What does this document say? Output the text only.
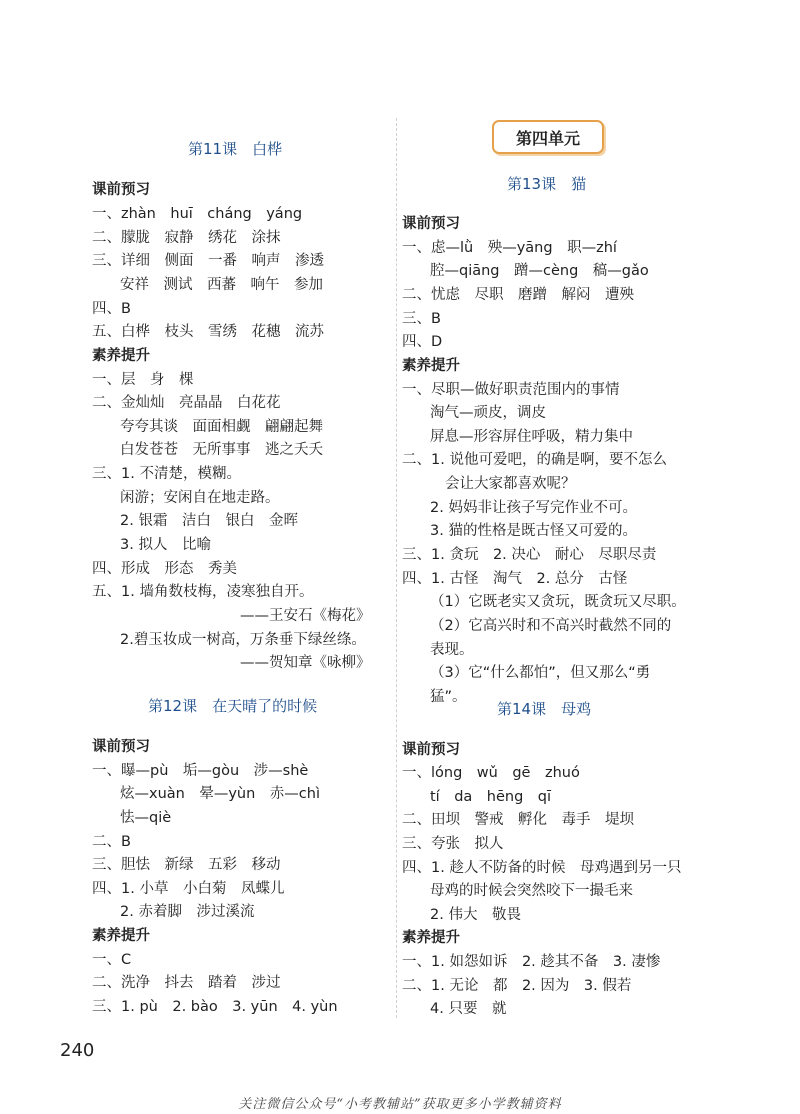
第11课　白桦
课前预习
一、zhàn　huī　cháng　yáng
二、朦胧　寂静　绣花　涂抹
三、详细　侧面　一番　响声　渗透
安祥　测试　西蕃　响午　参加
四、B
五、白桦　枝头　雪绣　花穗　流苏
素养提升
一、层　身　棵
二、金灿灿　亮晶晶　白花花
夸夸其谈　面面相觑　翩翩起舞
白发苍苍　无所事事　逃之夭夭
三、1. 不清楚，模糊。
闲游；安闲自在地走路。
2. 银霜　洁白　银白　金晖
3. 拟人　比喻
四、形成　形态　秀美
五、1. 墙角数枝梅，凌寒独自开。
——王安石《梅花》
2.碧玉妆成一树高，万条垂下绿丝绦。
——贺知章《咏柳》
第12课　在天晴了的时候
课前预习
一、曝—pù　垢—gòu　涉—shè
炫—xuàn　晕—yùn　赤—chì
怯—qiè
二、B
三、胆怯　新绿　五彩　移动
四、1. 小草　小白菊　凤蝶儿
2. 赤着脚　涉过溪流
素养提升
一、C
二、洗净　抖去　踏着　涉过
三、1. pù　2. bào　3. yūn　4. yùn
第四单元
第13课　猫
课前预习
一、虑—lǜ　殃—yāng　职—zhí
腔—qiāng　蹭—cèng　稿—gǎo
二、忧虑　尽职　磨蹭　解闷　遭殃
三、B
四、D
素养提升
一、尽职—做好职责范围内的事情
淘气—顽皮，调皮
屏息—形容屏住呼吸，精力集中
二、1. 说他可爱吧，的确是啊，要不怎么
会让大家都喜欢呢？
2. 妈妈非让孩子写完作业不可。
3. 猫的性格是既古怪又可爱的。
三、1. 贪玩　2. 决心　耐心　尽职尽责
四、1. 古怪　淘气　2. 总分　古怪
（1）它既老实又贪玩，既贪玩又尽职。
（2）它高兴时和不高兴时截然不同的
表现。
（3）它“什么都怕”，但又那么“勇
猛”。
第14课　母鸡
课前预习
一、lóng　wǔ　gē　zhuó
tí　da　hēng　qī
二、田坝　警戒　孵化　毒手　堤坝
三、夸张　拟人
四、1. 趁人不防备的时候　母鸡遇到另一只
母鸡的时候会突然咬下一撮毛来
2. 伟大　敬畏
素养提升
一、1. 如怨如诉　2. 趁其不备　3. 凄惨
二、1. 无论　都　2. 因为　3. 假若
4. 只要　就
240
关注微信公众号“小考教辅站”获取更多小学教辅资料
